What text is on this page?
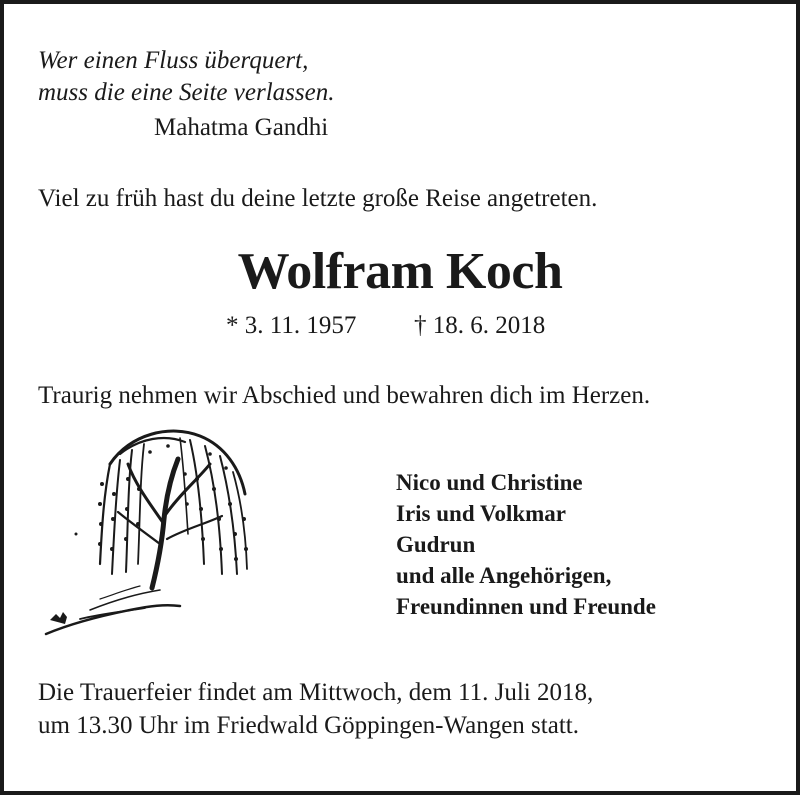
Wer einen Fluss überquert,
muss die eine Seite verlassen.
Mahatma Gandhi
Viel zu früh hast du deine letzte große Reise angetreten.
Wolfram Koch
* 3. 11. 1957 † 18. 6. 2018
Traurig nehmen wir Abschied und bewahren dich im Herzen.
Nico und Christine
Iris und Volkmar
Gudrun
und alle Angehörigen,
Freundinnen und Freunde
Die Trauerfeier findet am Mittwoch, dem 11. Juli 2018,
um 13.30 Uhr im Friedwald Göppingen-Wangen statt.
